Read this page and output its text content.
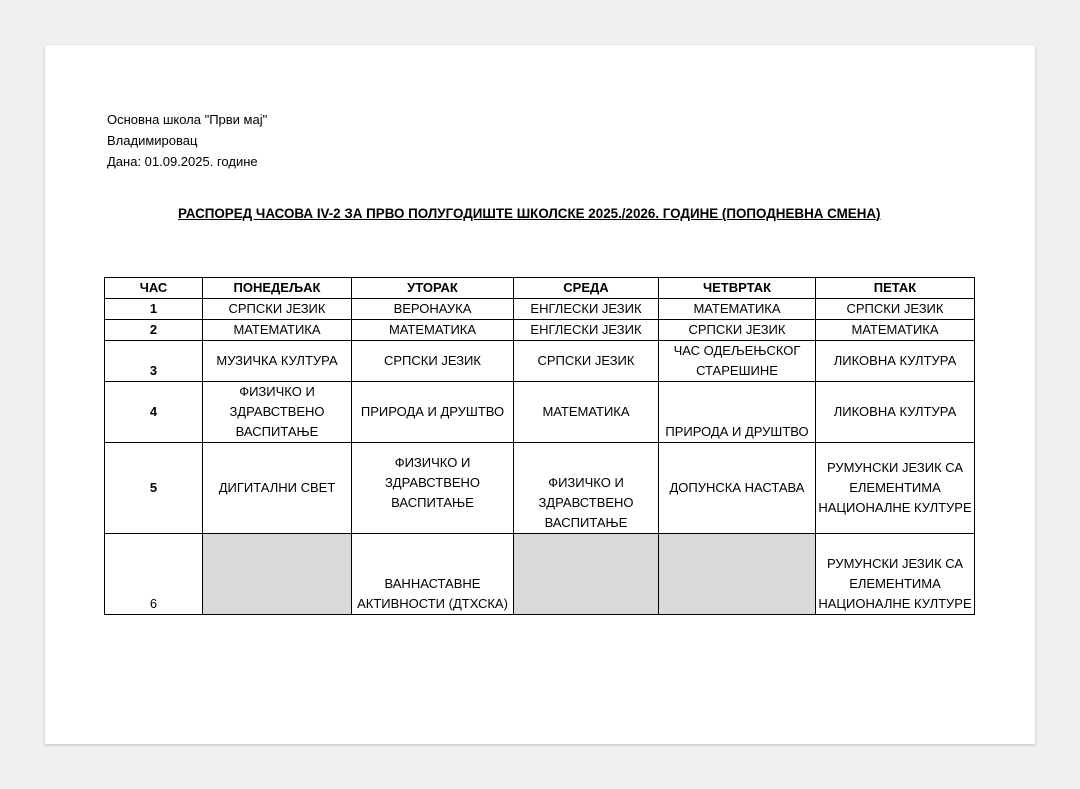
Основна школа "Први мај"
Владимировац
Дана: 01.09.2025. године
РАСПОРЕД ЧАСОВА IV-2 ЗА ПРВО ПОЛУГОДИШТЕ ШКОЛСКЕ 2025./2026. ГОДИНЕ (ПОПОДНЕВНА СМЕНА)
ЧАС	ПОНЕДЕЉАК	УТОРАК	СРЕДА	ЧЕТВРТАК	ПЕТАК
1	СРПСКИ ЈЕЗИК	ВЕРОНАУКА	ЕНГЛЕСКИ ЈЕЗИК	МАТЕМАТИКА	СРПСКИ ЈЕЗИК
2	МАТЕМАТИКА	МАТЕМАТИКА	ЕНГЛЕСКИ ЈЕЗИК	СРПСКИ ЈЕЗИК	МАТЕМАТИКА
3	МУЗИЧКА КУЛТУРА	СРПСКИ ЈЕЗИК	СРПСКИ ЈЕЗИК	ЧАС ОДЕЉЕЊСКОГ СТАРЕШИНЕ	ЛИКОВНА КУЛТУРА
4	ФИЗИЧКО И ЗДРАВСТВЕНО ВАСПИТАЊЕ	ПРИРОДА И ДРУШТВО	МАТЕМАТИКА	ПРИРОДА И ДРУШТВО	ЛИКОВНА КУЛТУРА
5	ДИГИТАЛНИ СВЕТ	ФИЗИЧКО И ЗДРАВСТВЕНО ВАСПИТАЊЕ	ФИЗИЧКО И ЗДРАВСТВЕНО ВАСПИТАЊЕ	ДОПУНСКА НАСТАВА	РУМУНСКИ ЈЕЗИК СА ЕЛЕМЕНТИМА НАЦИОНАЛНЕ КУЛТУРЕ
6		ВАННАСТАВНЕ АКТИВНОСТИ (ДТХСКА)			РУМУНСКИ ЈЕЗИК СА ЕЛЕМЕНТИМА НАЦИОНАЛНЕ КУЛТУРЕ
